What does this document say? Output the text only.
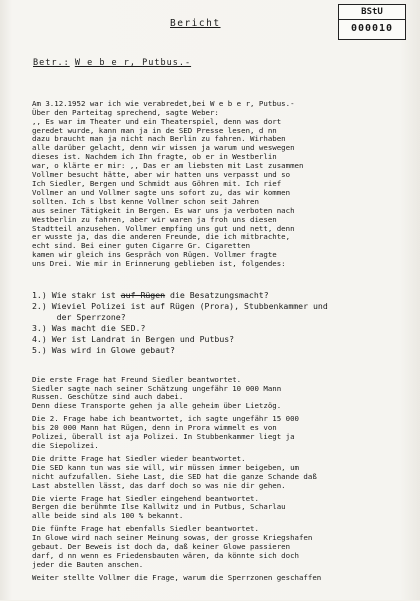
BStU
000010
Bericht
Betr.: W e b e r, Putbus.-

Am 3.12.1952 war ich wie verabredet,bei W e b e r, Putbus.-
Über den Parteitag sprechend, sagte Weber:
,, Es war im Theater und ein Theaterspiel, denn was dort
geredet wurde, kann man ja in de SED Presse lesen, d nn
dazu braucht man ja nicht nach Berlin zu fahren. Wirhaben
alle darüber gelacht, denn wir wissen ja warum und weswegen
dieses ist. Nachdem ich Ihn fragte, ob er in Westberlin
war, o klärte er mir: ,, Das er am liebsten mit Last zusammen
Vollmer besucht hätte, aber wir hatten uns verpasst und so
Ich Siedler, Bergen und Schmidt aus Göhren mit. Ich rief
Vollmer an und Vollmer sagte uns sofort zu, das wir kommen
sollten. Ich s lbst kenne Vollmer schon seit Jahren
aus seiner Tätigkeit in Bergen. Es war uns ja verboten nach
Westberlin zu fahren, aber wir waren ja froh uns diesen
Stadtteil anzusehen. Vollmer empfing uns gut und nett, denn
er wusste ja, das die anderen Freunde, die ich mitbrachte,
echt sind. Bei einer guten Cigarre Gr. Cigaretten
kamen wir gleich ins Gespräch von Rügen. Vollmer fragte
uns Drei. Wie mir in Erinnerung geblieben ist, folgendes:

1.) Wie stakr ist auf Rügen die Besatzungsmacht?
2.) Wieviel Polizei ist auf Rügen (Prora), Stubbenkammer und
der Sperrzone?
3.) Was macht die SED.?
4.) Wer ist Landrat in Bergen und Putbus?
5.) Was wird in Glowe gebaut?

Die erste Frage hat Freund Siedler beantwortet.
Siedler sagte nach seiner Schätzung ungefähr 10 000 Mann
Russen. Geschütze sind auch dabei.
Denn diese Transporte gehen ja alle geheim über Lietzög.

Die 2. Frage habe ich beantwortet, ich sagte ungefähr 15 000
bis 20 000 Mann hat Rügen, denn in Prora wimmelt es von
Polizei, überall ist aja Polizei. In Stubbenkammer liegt ja
die Siepolizei.

Die dritte Frage hat Siedler wieder beantwortet.
Die SED kann tun was sie will, wir müssen immer beigeben, um
nicht aufzufallen. Siehe Last, die SED hat die ganze Schande daß
Last abstellen lässt, das darf doch so was nie dir gehen.

Die vierte Frage hat Siedler eingehend beantwortet.
Bergen die berühmte Ilse Kallwitz und in Putbus, Scharlau
alle beide sind als 100 % bekannt.

Die fünfte Frage hat ebenfalls Siedler beantwortet.
In Glowe wird nach seiner Meinung sowas, der grosse Kriegshafen
gebaut. Der Beweis ist doch da, daß keiner Glowe passieren
darf, d nn wenn es Friedensbauten wären, da könnte sich doch
jeder die Bauten anschen.

Weiter stellte Vollmer die Frage, warum die Sperrzonen geschaffen
